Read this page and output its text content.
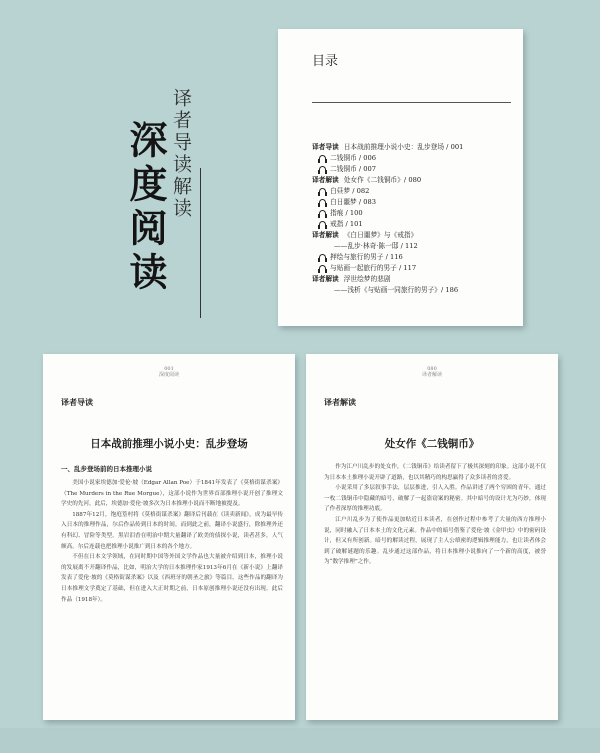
深度阅读 译者导读解读
目录
译者导读 日本战前推理小说小史：乱步登场 / 001
二钱铜币 / 006
二钱铜币 / 007
译者解读 处女作《二钱铜币》/ 080
白昼梦 / 082
白日噩梦 / 083
指痕 / 100
戒指 / 101
译者解读 《白日噩梦》与《戒指》
——乱步·林奇·陈一邸 / 112
押绘与旅行的男子 / 116
与贴画一起旅行的男子 / 117
译者解读 浮世绘梦的悲剧
——浅析《与贴画一同旅行的男子》/ 186
001
深度阅读
译者导读
日本战前推理小说小史：乱步登场
一、乱步登场前的日本推理小说

美国小说家埃德加·爱伦·坡（Edgar Allan Poe）于1841年发表了《莫格街谋杀案》（The Murders in the Rue Morgue），这部小说作为世界首部推理小说开创了推理文学史的先河。此后，埃德加·爱伦·坡多次为日本推理小说而不断地被提及。

1887年12月，饱庭篁村将《莫格街谋杀案》翻译后刊载在《读卖新闻》，成为最早传入日本的推理作品，尔后作品传到日本的时间。而到此之前，翻译小说盛行，除推理外还有科幻、冒险等类型。黑岩泪香在明治中期大量翻译了欧美的侦探小说，读者甚多，人气颇高。尔后连载也把推理小说推广到日本的各个地方。

不但在日本文学领域，在同时期中国等外国文学作品也大量被介绍到日本，推理小说的发展离不开翻译作品，比如，明治大学的日本推理作家1913年6月在《新小说》上翻译发表了爱伦·坡的《莫格街谋杀案》以及《西班牙的朝圣之旅》等篇目。这些作品的翻译为日本推理文学奠定了基础，但在进入大正时期之前，日本原创推理小说还没有出现。此后作品（1918年）。

080
译者解读
译者解读
处女作《二钱铜币》

作为江户川乱步的处女作，《二钱铜币》给读者留下了极其深刻的印象。这部小说不仅为日本本土推理小说开辟了道路，也以其精巧的构思赢得了众多读者的喜爱。

小说采用了多层叙事手法，层层推进，引人入胜。作品讲述了两个穷困的青年，通过一枚二钱铜币中隐藏的暗号，破解了一起盗窃案的秘密。其中暗号的设计尤为巧妙，体现了作者深厚的推理功底。

江户川乱步为了使作品更加贴近日本读者，在创作过程中参考了大量的西方推理小说，同时融入了日本本土的文化元素。作品中的暗号借鉴了爱伦·坡《金甲虫》中的密码设计，但又有所创新。暗号的解读过程，展现了主人公缜密的逻辑推理能力，也让读者体会到了破解谜题的乐趣。乱步通过这部作品，将日本推理小说推向了一个新的高度，被誉为“数学推理”之作。
